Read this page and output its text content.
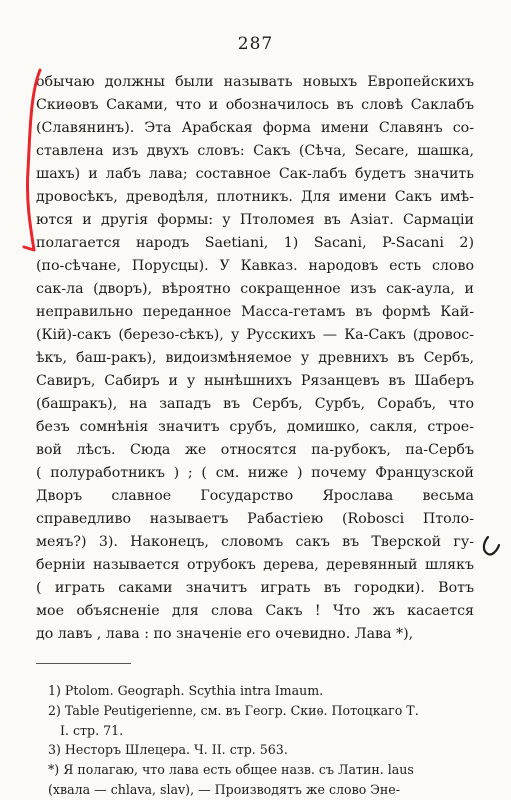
287
обычаю должны были называть новыхъ Европейскихъ
Скиѳовъ Саками, что и обозначилось въ словѣ Саклабъ
(Славянинъ). Эта Арабская форма имени Славянъ со-
ставлена изъ двухъ словъ: Сакъ (Сѣча, Secare, шашка,
шахъ) и лабъ лава; составное Сак-лабъ будетъ значить
дровосѣкъ, древодѣля, плотникъ. Для имени Сакъ имѣ-
ются и другія формы: у Птоломея въ Азіат. Сармаціи
полагается народъ Saetiani, 1) Sacani, P-Sacani 2)
(по-сѣчане, Порусцы). У Кавказ. народовъ есть слово
сак-ла (дворъ), вѣроятно сокращенное изъ сак-аула, и
неправильно переданное Масса-гетамъ въ формѣ Кай-
(Кій)-сакъ (березо-сѣкъ), у Русскихъ — Ка-Сакъ (дровос-
ѣкъ, баш-ракъ), видоизмѣняемое у древнихъ въ Сербъ,
Савиръ, Сабиръ и у нынѣшнихъ Рязанцевъ въ Шаберъ
(башракъ), на западъ въ Сербъ, Сурбъ, Сорабъ, что
безъ сомнѣнія значитъ срубъ, домишко, сакля, строе-
вой лѣсъ. Сюда же относятся па-рубокъ, па-Сербъ
( полуработникъ ) ; ( см. ниже ) почему Французской
Дворъ славное Государство Ярослава весьма
справедливо называетъ Рабастіею (Robosci Птоло-
меяъ?) 3). Наконецъ, словомъ сакъ въ Тверской гу-
берніи называется отрубокъ дерева, деревянный шлякъ
( играть саками значитъ играть въ городки). Вотъ
мое объясненіе для слова Сакъ ! Что жъ касается
до лавъ , лава : по значеніе его очевидно. Лава *),
1) Ptolom. Geograph. Scythia intra Imaum.
2) Table Peutigerienne, см. въ Геогр. Скиѳ. Потоцкаго Т.
I. стр. 71.
3) Несторъ Шлецера. Ч. II. стр. 563.
*) Я полагаю, что лава есть общее назв. съ Латин. laus
(хвала — chlava, slav), — Производятъ же слово Эне-
